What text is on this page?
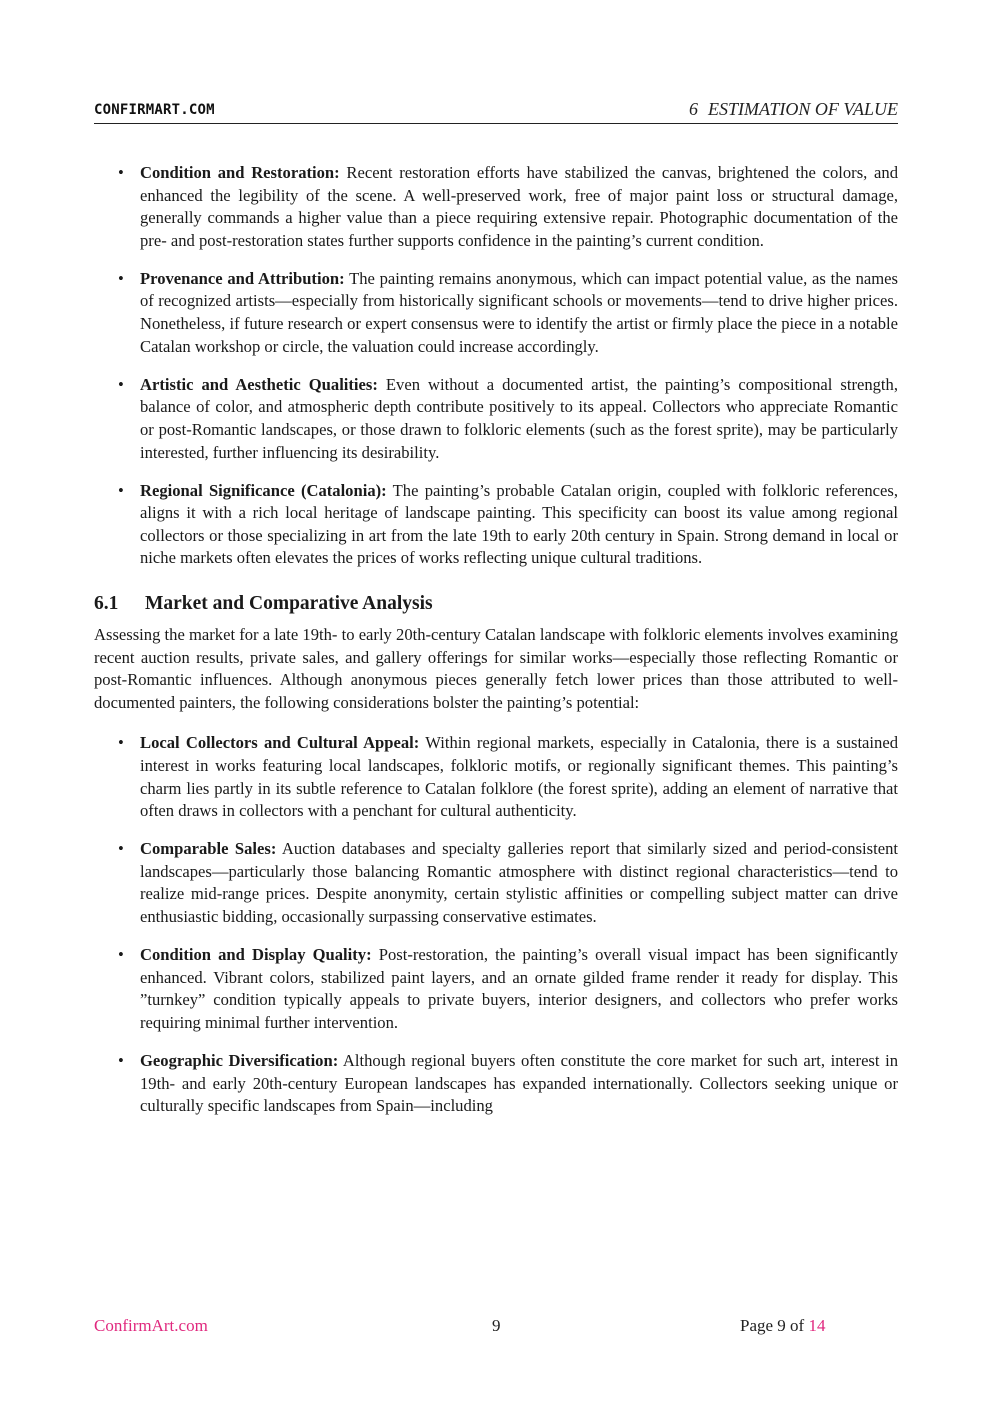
CONFIRMART.COM	6 ESTIMATION OF VALUE
• Condition and Restoration: Recent restoration efforts have stabilized the canvas, brightened the colors, and enhanced the legibility of the scene. A well-preserved work, free of major paint loss or structural damage, generally commands a higher value than a piece requiring extensive repair. Photographic documentation of the pre- and post-restoration states further supports confidence in the painting’s current condition.
• Provenance and Attribution: The painting remains anonymous, which can impact potential value, as the names of recognized artists—especially from historically significant schools or movements—tend to drive higher prices. Nonetheless, if future research or expert consensus were to identify the artist or firmly place the piece in a notable Catalan workshop or circle, the valuation could increase accordingly.
• Artistic and Aesthetic Qualities: Even without a documented artist, the painting’s compositional strength, balance of color, and atmospheric depth contribute positively to its appeal. Collectors who appreciate Romantic or post-Romantic landscapes, or those drawn to folkloric elements (such as the forest sprite), may be particularly interested, further influencing its desirability.
• Regional Significance (Catalonia): The painting’s probable Catalan origin, coupled with folkloric references, aligns it with a rich local heritage of landscape painting. This specificity can boost its value among regional collectors or those specializing in art from the late 19th to early 20th century in Spain. Strong demand in local or niche markets often elevates the prices of works reflecting unique cultural traditions.
6.1 Market and Comparative Analysis

Assessing the market for a late 19th- to early 20th-century Catalan landscape with folkloric elements involves examining recent auction results, private sales, and gallery offerings for similar works—especially those reflecting Romantic or post-Romantic influences. Although anonymous pieces generally fetch lower prices than those attributed to well-documented painters, the following considerations bolster the painting’s potential:

• Local Collectors and Cultural Appeal: Within regional markets, especially in Catalonia, there is a sustained interest in works featuring local landscapes, folkloric motifs, or regionally significant themes. This painting’s charm lies partly in its subtle reference to Catalan folklore (the forest sprite), adding an element of narrative that often draws in collectors with a penchant for cultural authenticity.
• Comparable Sales: Auction databases and specialty galleries report that similarly sized and period-consistent landscapes—particularly those balancing Romantic atmosphere with distinct regional characteristics—tend to realize mid-range prices. Despite anonymity, certain stylistic affinities or compelling subject matter can drive enthusiastic bidding, occasionally surpassing conservative estimates.
• Condition and Display Quality: Post-restoration, the painting’s overall visual impact has been significantly enhanced. Vibrant colors, stabilized paint layers, and an ornate gilded frame render it ready for display. This ”turnkey” condition typically appeals to private buyers, interior designers, and collectors who prefer works requiring minimal further intervention.
• Geographic Diversification: Although regional buyers often constitute the core market for such art, interest in 19th- and early 20th-century European landscapes has expanded internationally. Collectors seeking unique or culturally specific landscapes from Spain—including
ConfirmArt.com	9	Page 9 of 14
